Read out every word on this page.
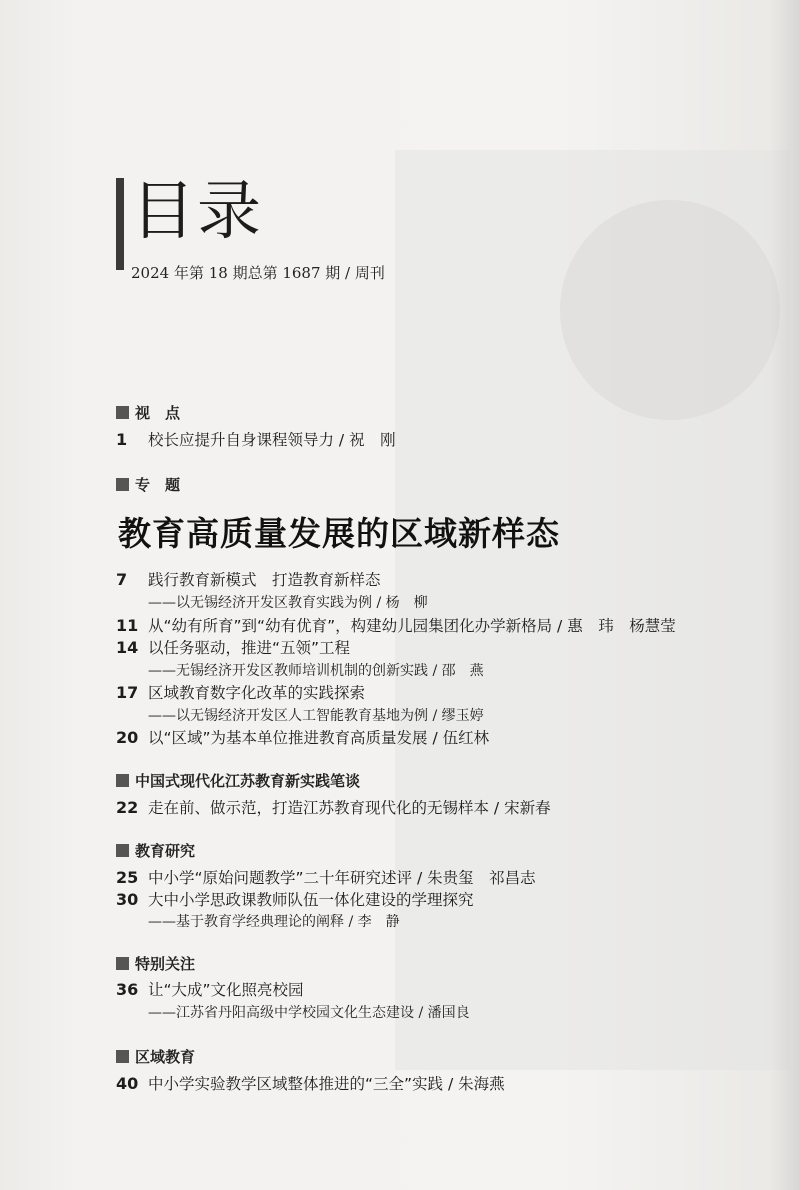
目录
2024 年第 18 期总第 1687 期 / 周刊
视　点
1	校长应提升自身课程领导力 / 祝　刚
专　题
教育高质量发展的区域新样态
7	践行教育新模式　打造教育新样态
——以无锡经济开发区教育实践为例 / 杨　柳
11 从“幼有所育”到“幼有优育”，构建幼儿园集团化办学新格局 / 惠　玮　杨慧莹
14 以任务驱动，推进“五领”工程
——无锡经济开发区教师培训机制的创新实践 / 邵　燕
17 区域教育数字化改革的实践探索
——以无锡经济开发区人工智能教育基地为例 / 缪玉婷
20 以“区域”为基本单位推进教育高质量发展 / 伍红林
中国式现代化江苏教育新实践笔谈
22 走在前、做示范，打造江苏教育现代化的无锡样本 / 宋新春
教育研究
25 中小学“原始问题教学”二十年研究述评 / 朱贵玺　祁昌志
30 大中小学思政课教师队伍一体化建设的学理探究
——基于教育学经典理论的阐释 / 李　静
特别关注
36 让“大成”文化照亮校园
——江苏省丹阳高级中学校园文化生态建设 / 潘国良
区域教育
40 中小学实验教学区域整体推进的“三全”实践 / 朱海燕
